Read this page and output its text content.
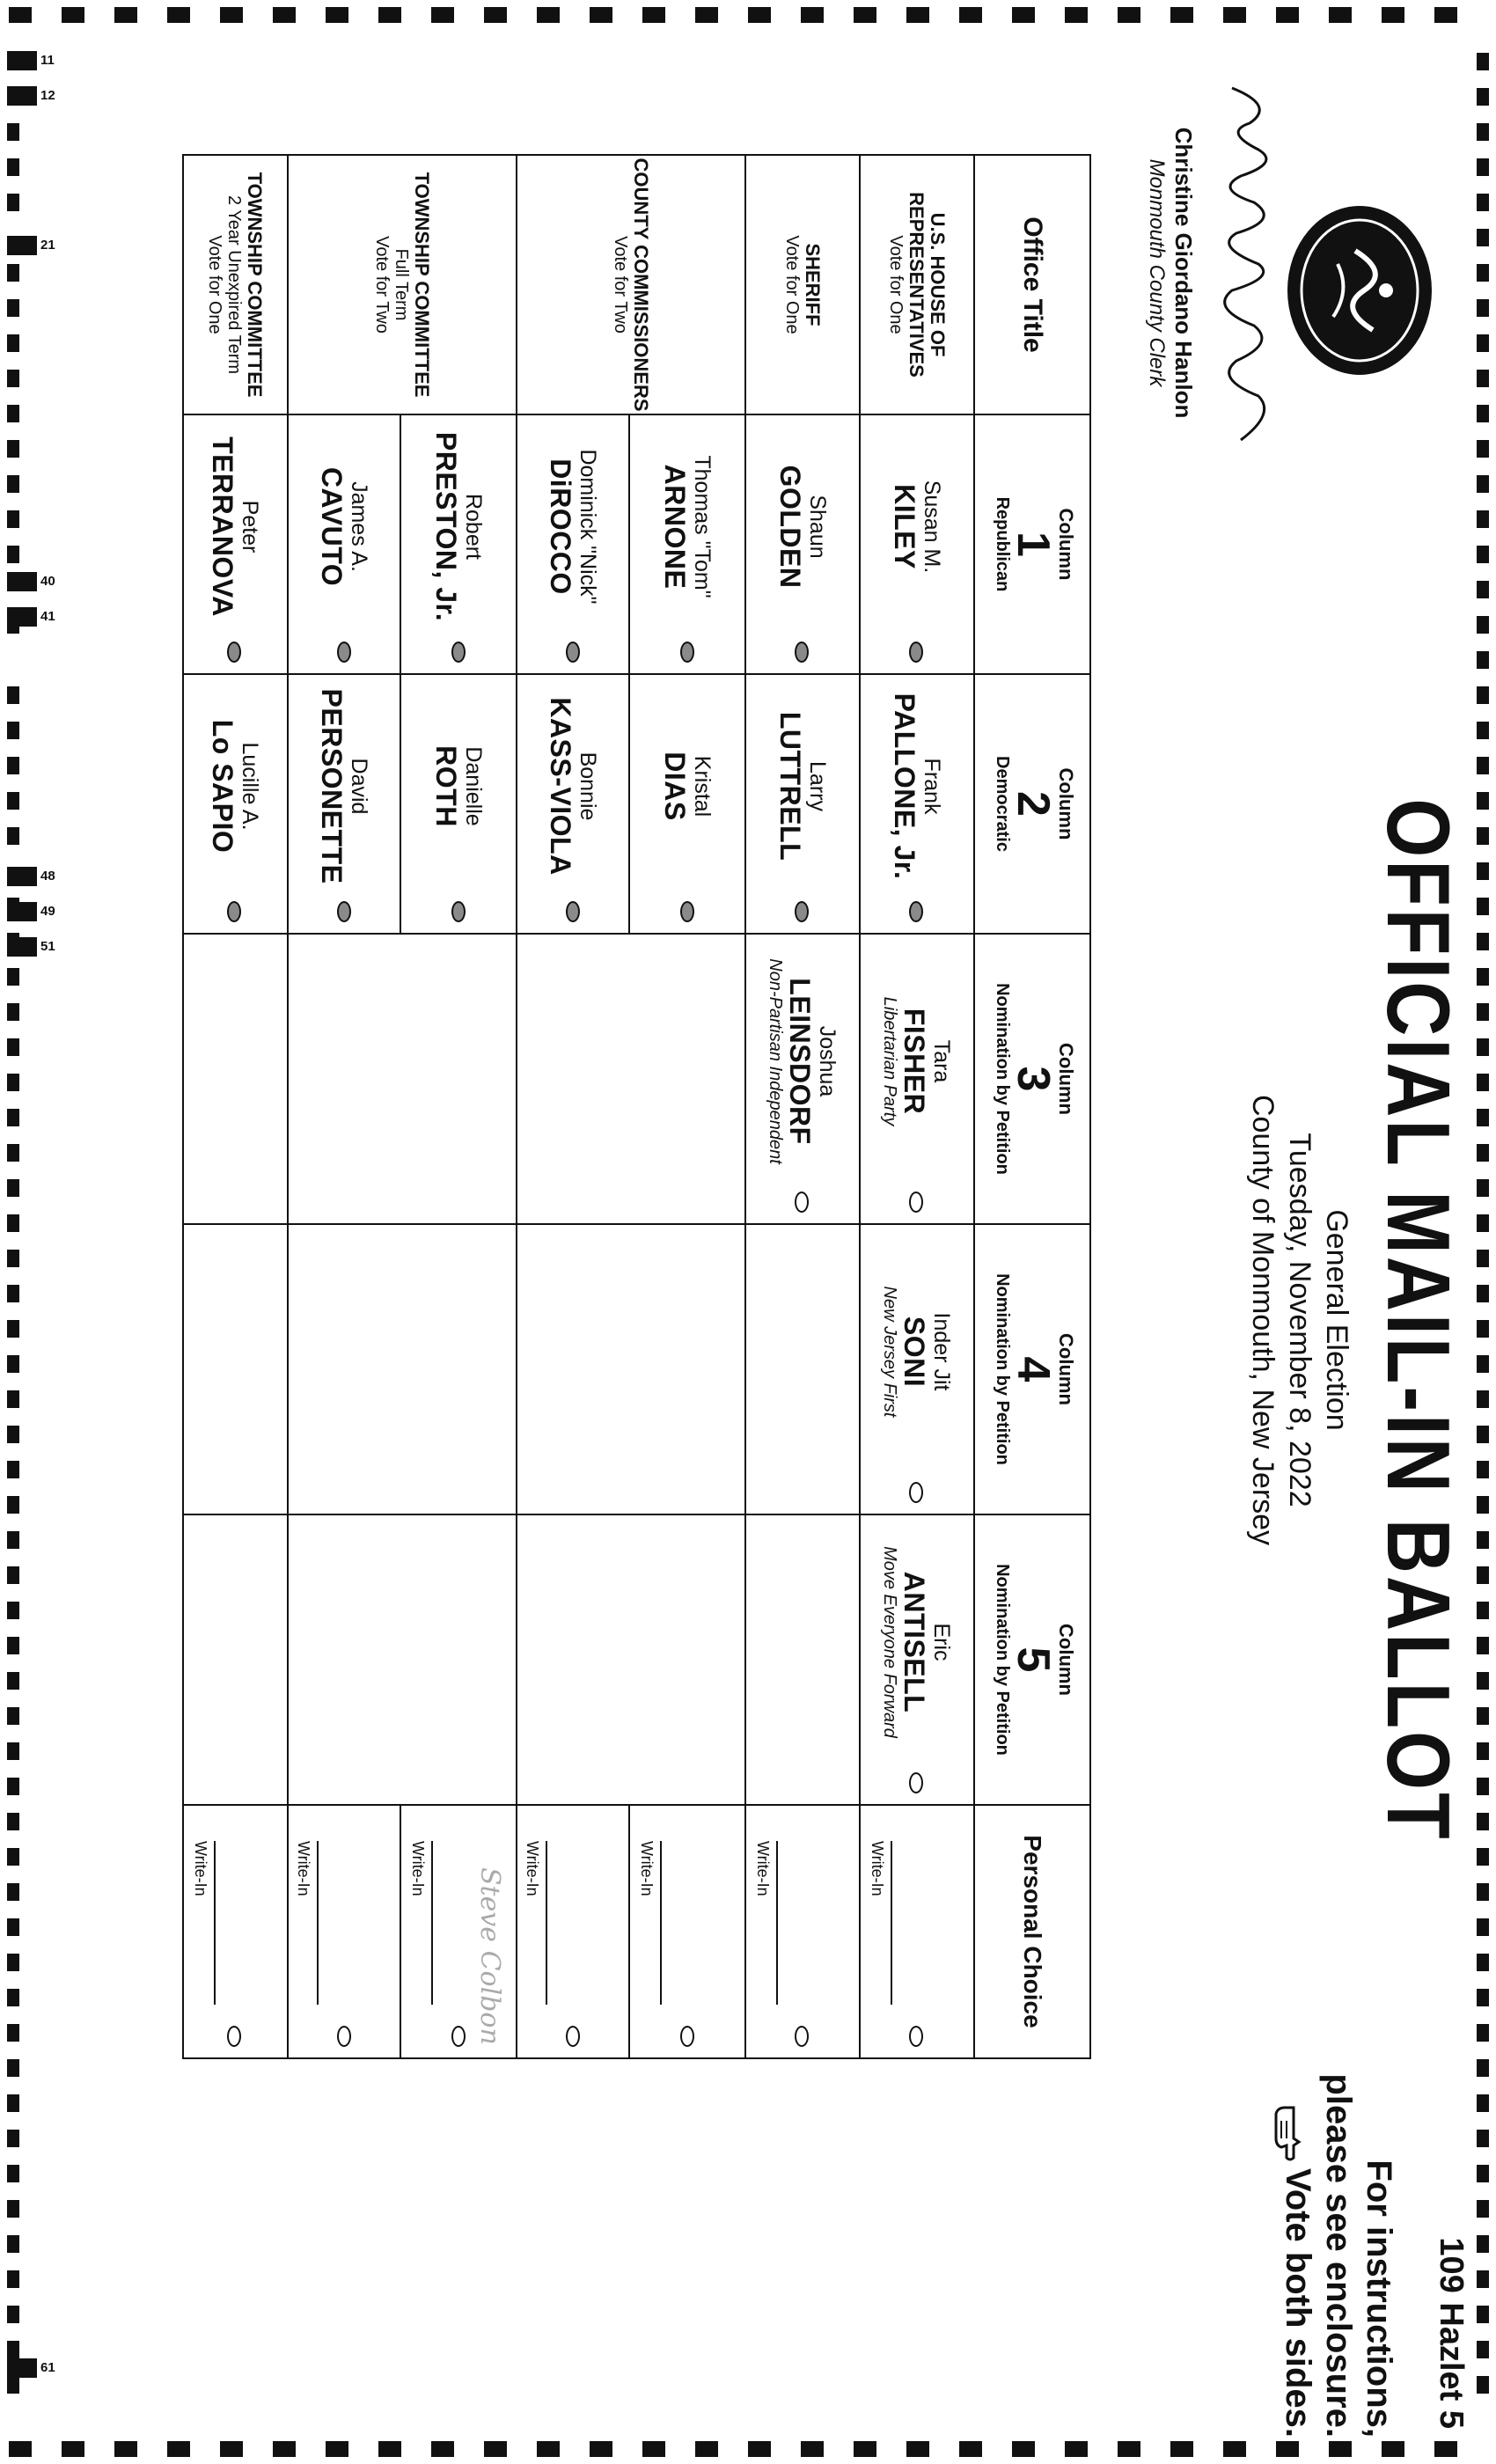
11
12
21
40
41
48
49
51
61
OFFICIAL MAIL-IN BALLOT
General Election
Tuesday, November 8, 2022
County of Monmouth, New Jersey
109 Hazlet 5
For instructions,
please see enclosure.
Vote both sides.
Christine Giordano Hanlon
Monmouth County Clerk
Office Title
Column
1
Republican
Column
2
Democratic
Column
3
Nomination by Petition
Column
4
Nomination by Petition
Column
5
Nomination by Petition
Personal Choice
U.S. HOUSE OF REPRESENTATIVES
Vote for One
Susan M.
KILEY
Frank
PALLONE, Jr.
Tara
FISHER
Libertarian Party
Inder Jit
SONI
New Jersey First
Eric
ANTISELL
Move Everyone Forward
Write-In
SHERIFF
Vote for One
Shaun
GOLDEN
Larry
LUTTRELL
Joshua
LEINSDORF
Non-Partisan Independent
Write-In
COUNTY COMMISSIONERS
Vote for Two
Thomas "Tom"
ARNONE
Dominick "Nick"
DiROCCO
Kristal
DIAS
Bonnie
KASS-VIOLA
Write-In
Write-In
TOWNSHIP COMMITTEE
Full Term
Vote for Two
Robert
PRESTON, Jr.
James A.
CAVUTO
Danielle
ROTH
David
PERSONETTE
Steve Colbon
Write-In
Write-In
TOWNSHIP COMMITTEE
2 Year Unexpired Term
Vote for One
Peter
TERRANOVA
Lucille A.
Lo SAPIO
Write-In
